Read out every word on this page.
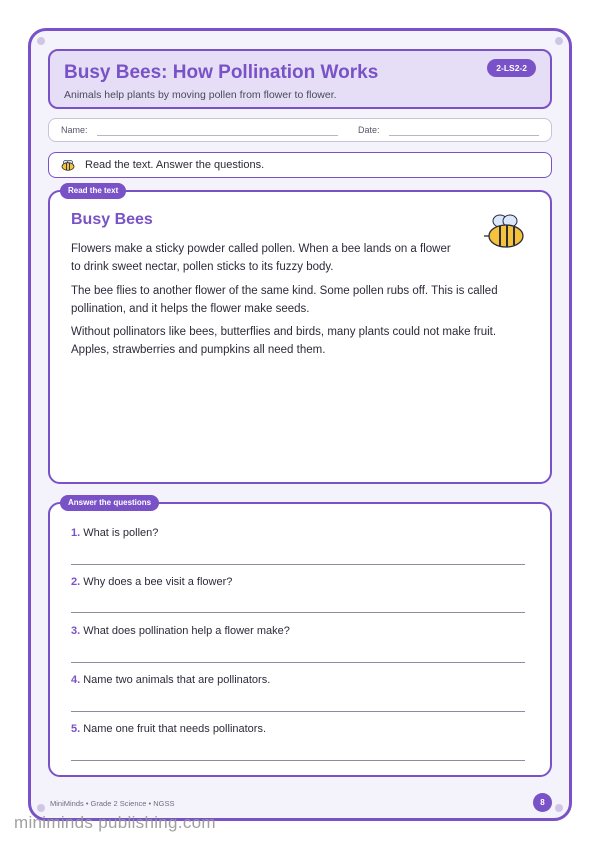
Busy Bees: How Pollination Works
Animals help plants by moving pollen from flower to flower.
2-LS2-2
Name:	Date:
Read the text. Answer the questions.
Read the text
Busy Bees
Flowers make a sticky powder called pollen. When a bee lands on a flower
to drink sweet nectar, pollen sticks to its fuzzy body.
The bee flies to another flower of the same kind. Some pollen rubs off. This is called
pollination, and it helps the flower make seeds.
Without pollinators like bees, butterflies and birds, many plants could not make fruit.
Apples, strawberries and pumpkins all need them.
Answer the questions
1. What is pollen?
2. Why does a bee visit a flower?
3. What does pollination help a flower make?
4. Name two animals that are pollinators.
5. Name one fruit that needs pollinators.
MiniMinds • Grade 2 Science • NGSS	8
miniminds publishing.com
